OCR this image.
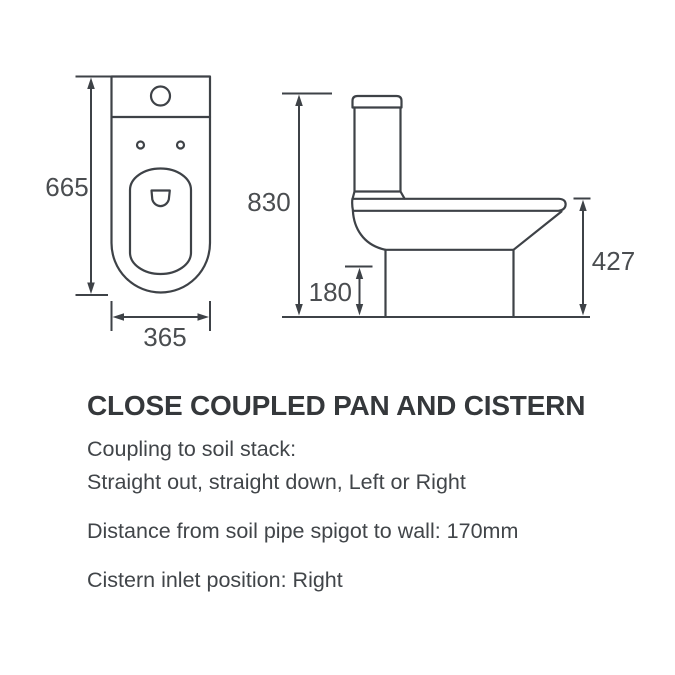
665
365
830
180
427
CLOSE COUPLED PAN AND CISTERN
Coupling to soil stack:
Straight out, straight down, Left or Right
Distance from soil pipe spigot to wall: 170mm
Cistern inlet position: Right
